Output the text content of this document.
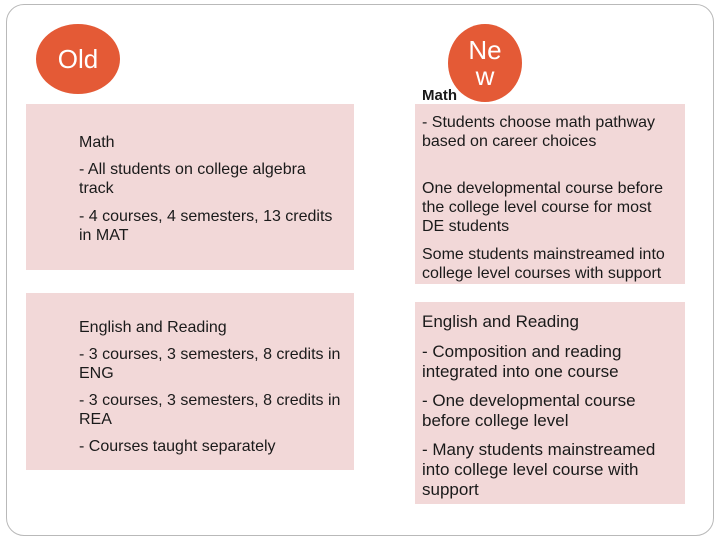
Old
Math
- All students on college algebra track
- 4 courses, 4 semesters, 13 credits in MAT
English and Reading
- 3 courses, 3 semesters, 8 credits in ENG
- 3 courses, 3 semesters, 8 credits in REA
- Courses taught separately
New
Math
- Students choose math pathway based on career choices
One developmental course before the college level course for most DE students
Some students mainstreamed into college level courses with support
English and Reading
- Composition and reading integrated into one course
- One developmental course before college level
- Many students mainstreamed into college level course with support
